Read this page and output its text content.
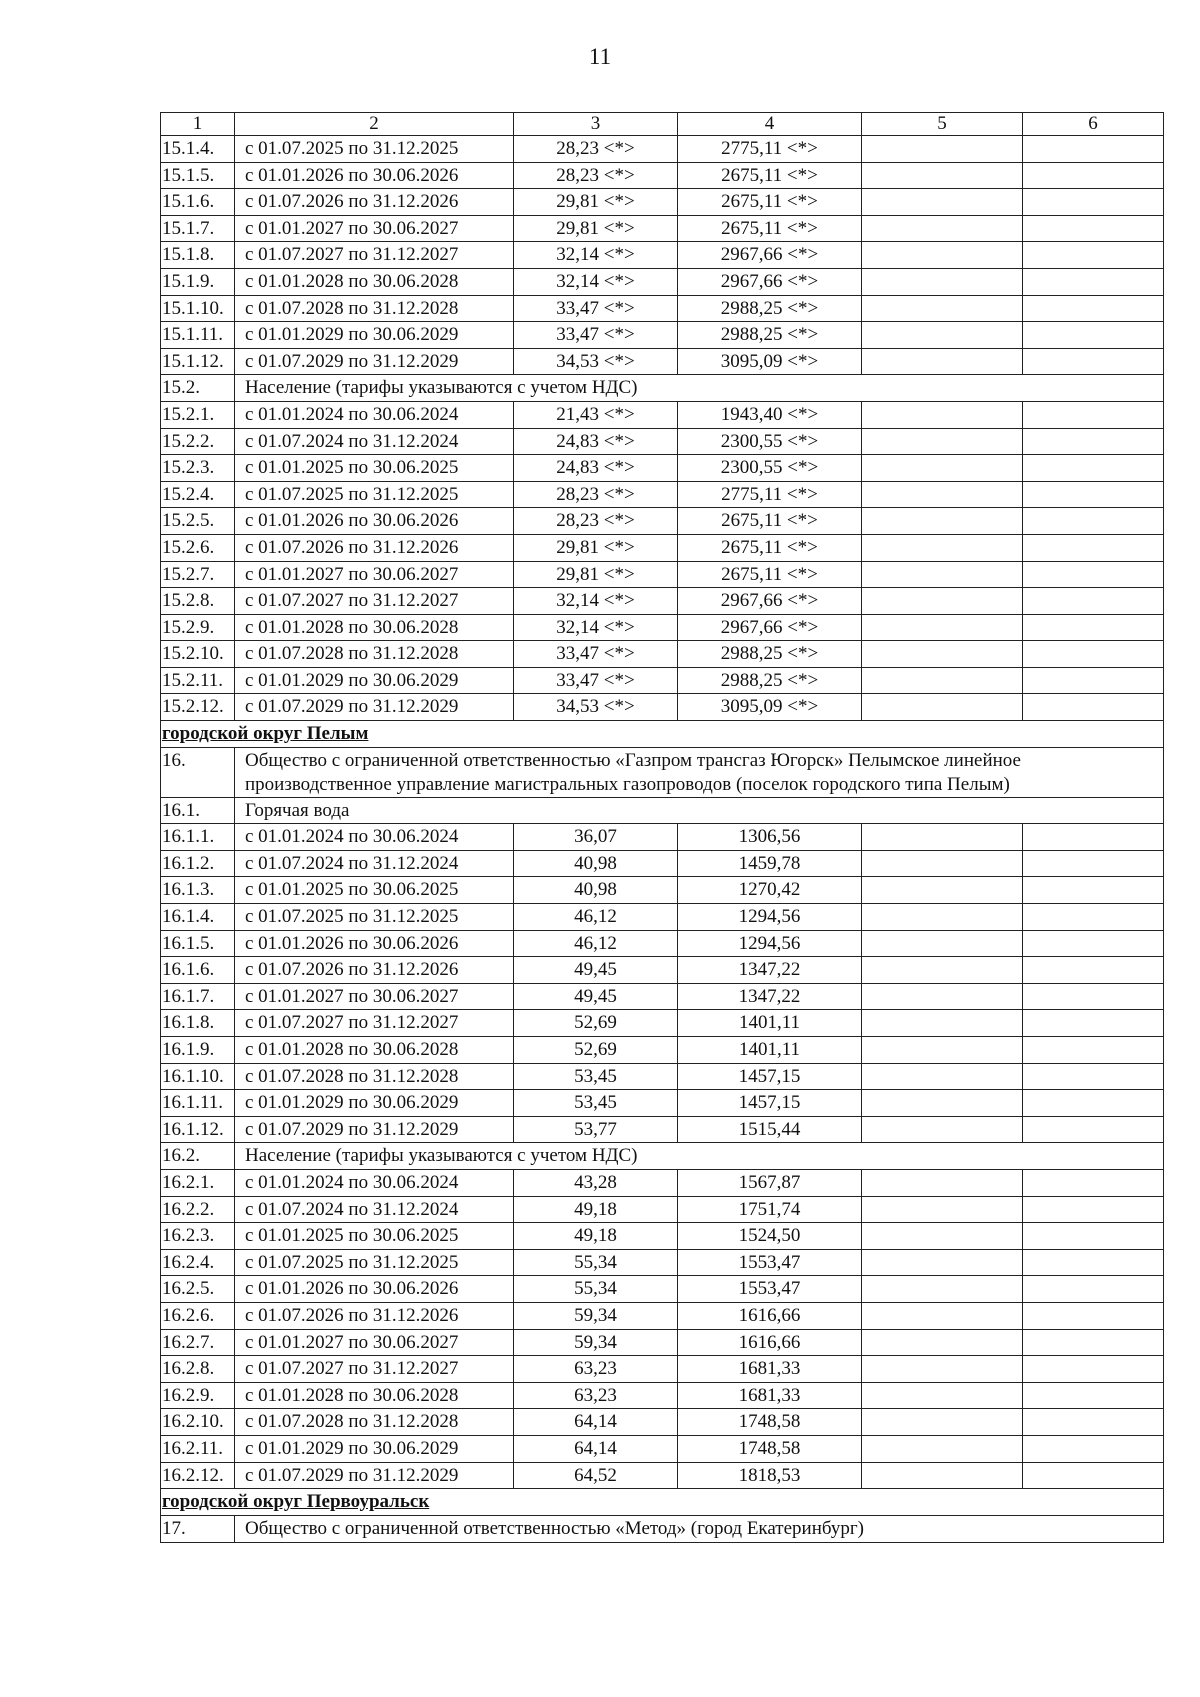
11
1	2	3	4	5	6
15.1.4.	с 01.07.2025 по 31.12.2025	28,23 <*>	2775,11 <*>		
15.1.5.	с 01.01.2026 по 30.06.2026	28,23 <*>	2675,11 <*>		
15.1.6.	с 01.07.2026 по 31.12.2026	29,81 <*>	2675,11 <*>		
15.1.7.	с 01.01.2027 по 30.06.2027	29,81 <*>	2675,11 <*>		
15.1.8.	с 01.07.2027 по 31.12.2027	32,14 <*>	2967,66 <*>		
15.1.9.	с 01.01.2028 по 30.06.2028	32,14 <*>	2967,66 <*>		
15.1.10.	с 01.07.2028 по 31.12.2028	33,47 <*>	2988,25 <*>		
15.1.11.	с 01.01.2029 по 30.06.2029	33,47 <*>	2988,25 <*>		
15.1.12.	с 01.07.2029 по 31.12.2029	34,53 <*>	3095,09 <*>		
15.2.	Население (тарифы указываются с учетом НДС)				
15.2.1.	с 01.01.2024 по 30.06.2024	21,43 <*>	1943,40 <*>		
15.2.2.	с 01.07.2024 по 31.12.2024	24,83 <*>	2300,55 <*>		
15.2.3.	с 01.01.2025 по 30.06.2025	24,83 <*>	2300,55 <*>		
15.2.4.	с 01.07.2025 по 31.12.2025	28,23 <*>	2775,11 <*>		
15.2.5.	с 01.01.2026 по 30.06.2026	28,23 <*>	2675,11 <*>		
15.2.6.	с 01.07.2026 по 31.12.2026	29,81 <*>	2675,11 <*>		
15.2.7.	с 01.01.2027 по 30.06.2027	29,81 <*>	2675,11 <*>		
15.2.8.	с 01.07.2027 по 31.12.2027	32,14 <*>	2967,66 <*>		
15.2.9.	с 01.01.2028 по 30.06.2028	32,14 <*>	2967,66 <*>		
15.2.10.	с 01.07.2028 по 31.12.2028	33,47 <*>	2988,25 <*>		
15.2.11.	с 01.01.2029 по 30.06.2029	33,47 <*>	2988,25 <*>		
15.2.12.	с 01.07.2029 по 31.12.2029	34,53 <*>	3095,09 <*>		
городской округ Пелым					
16.	Общество с ограниченной ответственностью «Газпром трансгаз Югорск» Пелымское линейное производственное управление магистральных газопроводов (поселок городского типа Пелым)				
16.1.	Горячая вода				
16.1.1.	с 01.01.2024 по 30.06.2024	36,07	1306,56		
16.1.2.	с 01.07.2024 по 31.12.2024	40,98	1459,78		
16.1.3.	с 01.01.2025 по 30.06.2025	40,98	1270,42		
16.1.4.	с 01.07.2025 по 31.12.2025	46,12	1294,56		
16.1.5.	с 01.01.2026 по 30.06.2026	46,12	1294,56		
16.1.6.	с 01.07.2026 по 31.12.2026	49,45	1347,22		
16.1.7.	с 01.01.2027 по 30.06.2027	49,45	1347,22		
16.1.8.	с 01.07.2027 по 31.12.2027	52,69	1401,11		
16.1.9.	с 01.01.2028 по 30.06.2028	52,69	1401,11		
16.1.10.	с 01.07.2028 по 31.12.2028	53,45	1457,15		
16.1.11.	с 01.01.2029 по 30.06.2029	53,45	1457,15		
16.1.12.	с 01.07.2029 по 31.12.2029	53,77	1515,44		
16.2.	Население (тарифы указываются с учетом НДС)				
16.2.1.	с 01.01.2024 по 30.06.2024	43,28	1567,87		
16.2.2.	с 01.07.2024 по 31.12.2024	49,18	1751,74		
16.2.3.	с 01.01.2025 по 30.06.2025	49,18	1524,50		
16.2.4.	с 01.07.2025 по 31.12.2025	55,34	1553,47		
16.2.5.	с 01.01.2026 по 30.06.2026	55,34	1553,47		
16.2.6.	с 01.07.2026 по 31.12.2026	59,34	1616,66		
16.2.7.	с 01.01.2027 по 30.06.2027	59,34	1616,66		
16.2.8.	с 01.07.2027 по 31.12.2027	63,23	1681,33		
16.2.9.	с 01.01.2028 по 30.06.2028	63,23	1681,33		
16.2.10.	с 01.07.2028 по 31.12.2028	64,14	1748,58		
16.2.11.	с 01.01.2029 по 30.06.2029	64,14	1748,58		
16.2.12.	с 01.07.2029 по 31.12.2029	64,52	1818,53		
городской округ Первоуральск					
17.	Общество с ограниченной ответственностью «Метод» (город Екатеринбург)				
